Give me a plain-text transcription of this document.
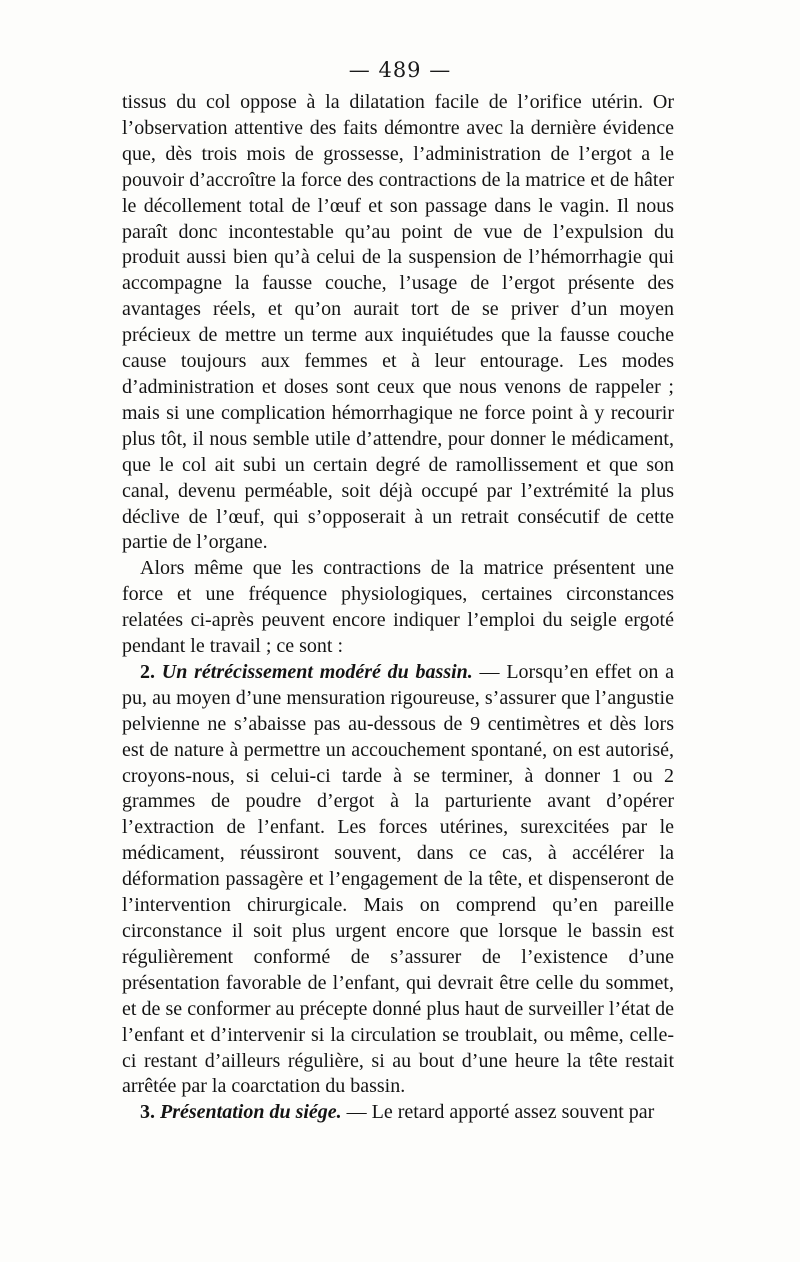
— 489 —

tissus du col oppose à la dilatation facile de l’orifice utérin. Or l’observation attentive des faits démontre avec la dernière évidence que, dès trois mois de grossesse, l’administration de l’ergot a le pouvoir d’accroître la force des contractions de la matrice et de hâter le décollement total de l’œuf et son passage dans le vagin. Il nous paraît donc incontestable qu’au point de vue de l’expulsion du produit aussi bien qu’à celui de la suspension de l’hémorrhagie qui accompagne la fausse couche, l’usage de l’ergot présente des avantages réels, et qu’on aurait tort de se priver d’un moyen précieux de mettre un terme aux inquiétudes que la fausse couche cause toujours aux femmes et à leur entourage. Les modes d’administration et doses sont ceux que nous venons de rappeler ; mais si une complication hémorrhagique ne force point à y recourir plus tôt, il nous semble utile d’attendre, pour donner le médicament, que le col ait subi un certain degré de ramollissement et que son canal, devenu perméable, soit déjà occupé par l’extrémité la plus déclive de l’œuf, qui s’opposerait à un retrait consécutif de cette partie de l’organe.

Alors même que les contractions de la matrice présentent une force et une fréquence physiologiques, certaines circonstances relatées ci-après peuvent encore indiquer l’emploi du seigle ergoté pendant le travail ; ce sont :

2. Un rétrécissement modéré du bassin. — Lorsqu’en effet on a pu, au moyen d’une mensuration rigoureuse, s’assurer que l’angustie pelvienne ne s’abaisse pas au-dessous de 9 centimètres et dès lors est de nature à permettre un accouchement spontané, on est autorisé, croyons-nous, si celui-ci tarde à se terminer, à donner 1 ou 2 grammes de poudre d’ergot à la parturiente avant d’opérer l’extraction de l’enfant. Les forces utérines, surexcitées par le médicament, réussiront souvent, dans ce cas, à accélérer la déformation passagère et l’engagement de la tête, et dispenseront de l’intervention chirurgicale. Mais on comprend qu’en pareille circonstance il soit plus urgent encore que lorsque le bassin est régulièrement conformé de s’assurer de l’existence d’une présentation favorable de l’enfant, qui devrait être celle du sommet, et de se conformer au précepte donné plus haut de surveiller l’état de l’enfant et d’intervenir si la circulation se troublait, ou même, celle-ci restant d’ailleurs régulière, si au bout d’une heure la tête restait arrêtée par la coarctation du bassin.

3. Présentation du siége. — Le retard apporté assez souvent par
